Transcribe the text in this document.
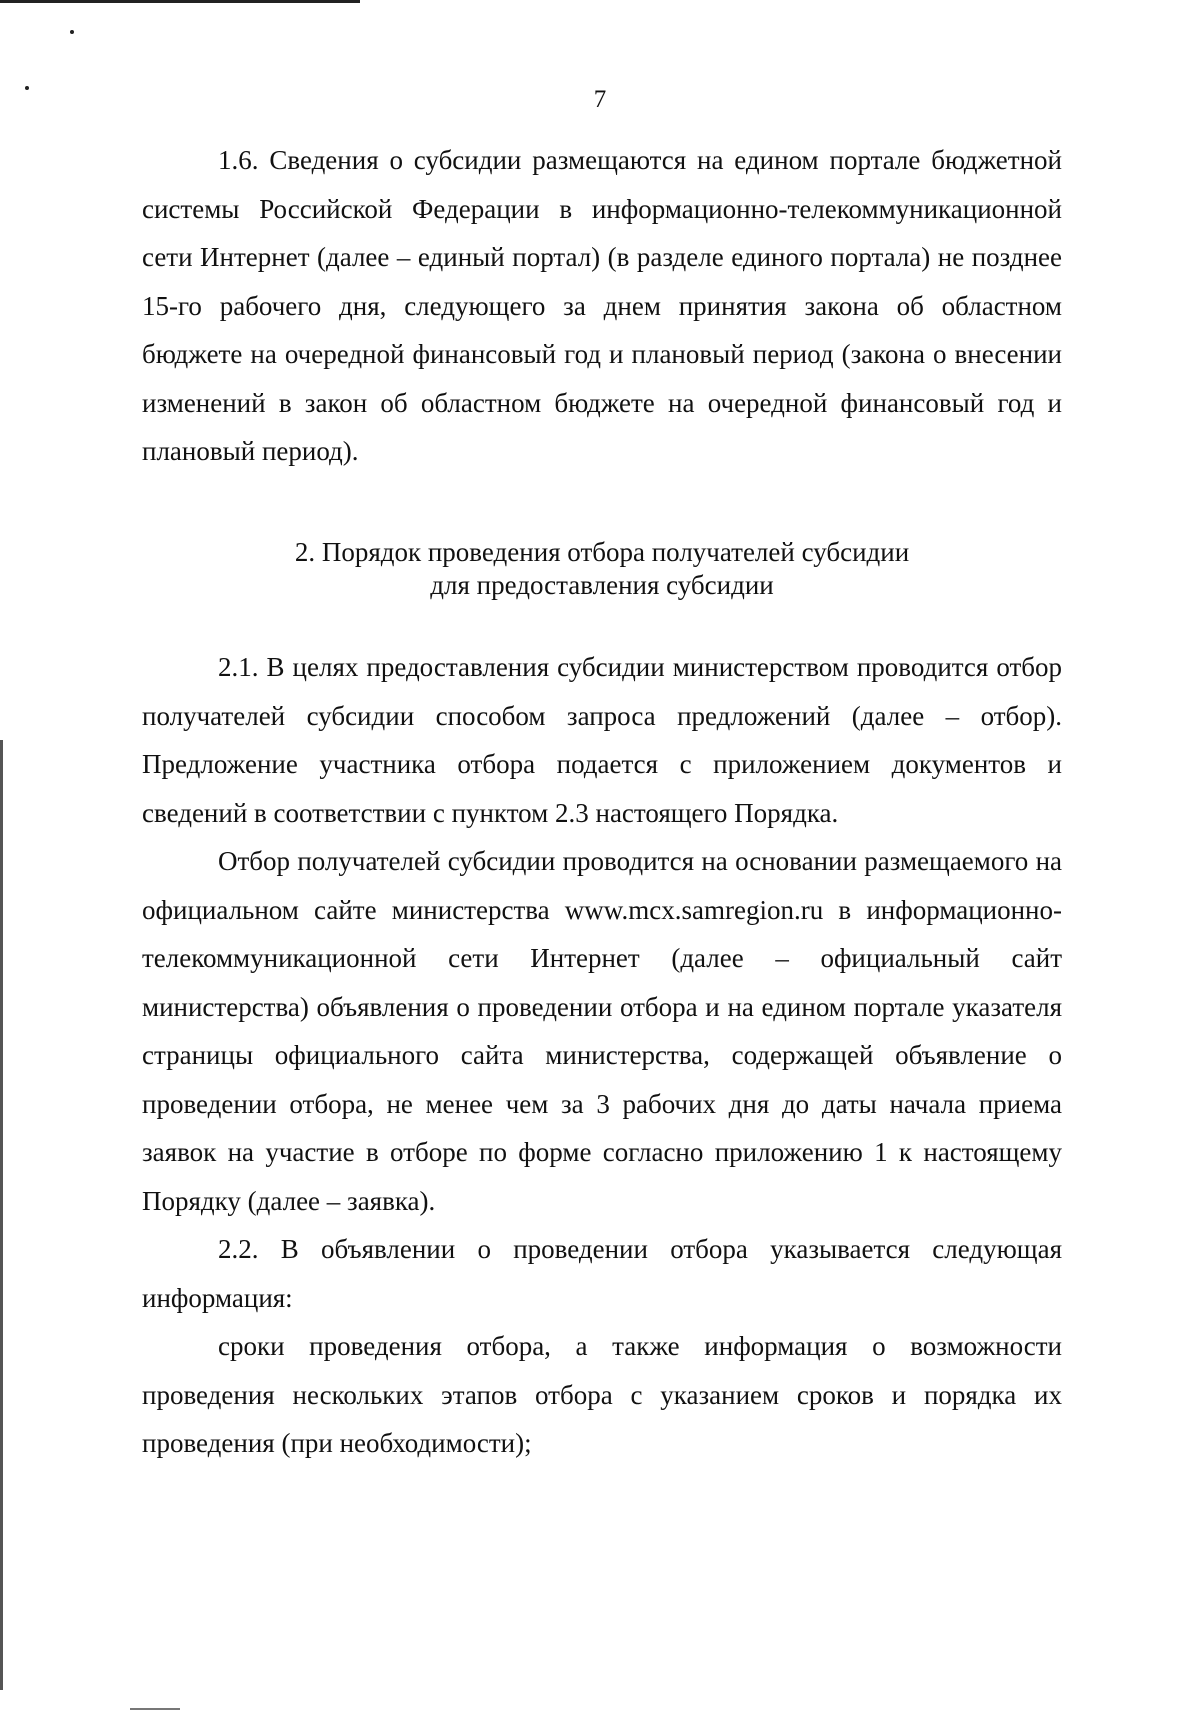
7

1.6. Сведения о субсидии размещаются на едином портале бюджетной системы Российской Федерации в информационно-телекоммуникационной сети Интернет (далее – единый портал) (в разделе единого портала) не позднее 15-го рабочего дня, следующего за днем принятия закона об областном бюджете на очередной финансовый год и плановый период (закона о внесении изменений в закон об областном бюджете на очередной финансовый год и плановый период).

2. Порядок проведения отбора получателей субсидии
для предоставления субсидии

2.1. В целях предоставления субсидии министерством проводится отбор получателей субсидии способом запроса предложений (далее – отбор). Предложение участника отбора подается с приложением документов и сведений в соответствии с пунктом 2.3 настоящего Порядка.

Отбор получателей субсидии проводится на основании размещаемого на официальном сайте министерства www.mcx.samregion.ru в информационно-телекоммуникационной сети Интернет (далее – официальный сайт министерства) объявления о проведении отбора и на едином портале указателя страницы официального сайта министерства, содержащей объявление о проведении отбора, не менее чем за 3 рабочих дня до даты начала приема заявок на участие в отборе по форме согласно приложению 1 к настоящему Порядку (далее – заявка).

2.2. В объявлении о проведении отбора указывается следующая информация:

сроки проведения отбора, а также информация о возможности проведения нескольких этапов отбора с указанием сроков и порядка их проведения (при необходимости);
